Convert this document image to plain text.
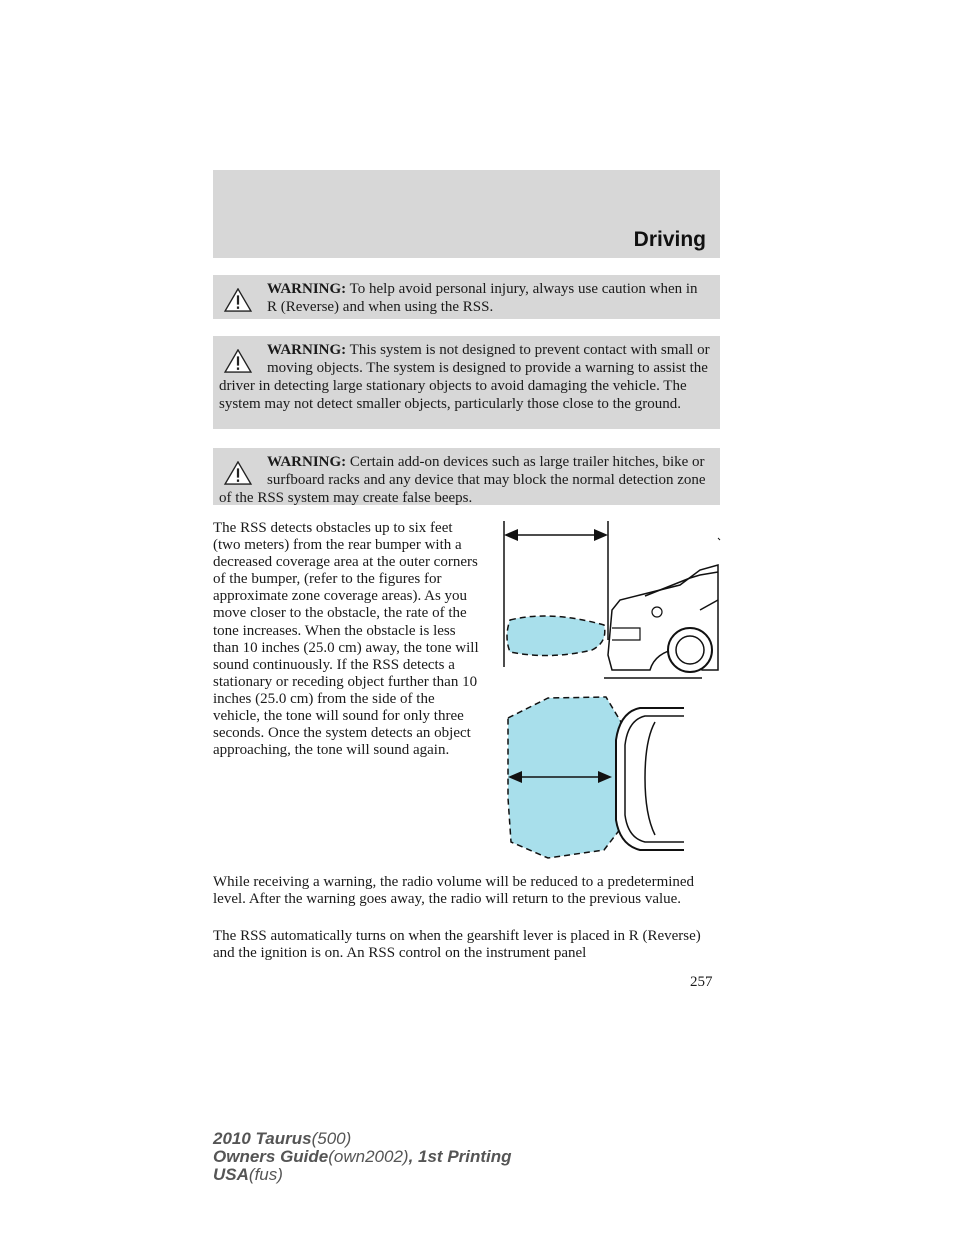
Driving
WARNING: To help avoid personal injury, always use caution when in R (Reverse) and when using the RSS.
WARNING: This system is not designed to prevent contact with small or moving objects. The system is designed to provide a warning to assist the driver in detecting large stationary objects to avoid damaging the vehicle. The system may not detect smaller objects, particularly those close to the ground.
WARNING: Certain add-on devices such as large trailer hitches, bike or surfboard racks and any device that may block the normal detection zone of the RSS system may create false beeps.

The RSS detects obstacles up to six feet (two meters) from the rear bumper with a decreased coverage area at the outer corners of the bumper, (refer to the figures for approximate zone coverage areas). As you move closer to the obstacle, the rate of the tone increases. When the obstacle is less than 10 inches (25.0 cm) away, the tone will sound continuously. If the RSS detects a stationary or receding object further than 10 inches (25.0 cm) from the side of the vehicle, the tone will sound for only three seconds. Once the system detects an object approaching, the tone will sound again.

While receiving a warning, the radio volume will be reduced to a predetermined level. After the warning goes away, the radio will return to the previous value.

The RSS automatically turns on when the gearshift lever is placed in R (Reverse) and the ignition is on. An RSS control on the instrument panel

257
2010 Taurus(500)
Owners Guide(own2002), 1st Printing
USA(fus)
